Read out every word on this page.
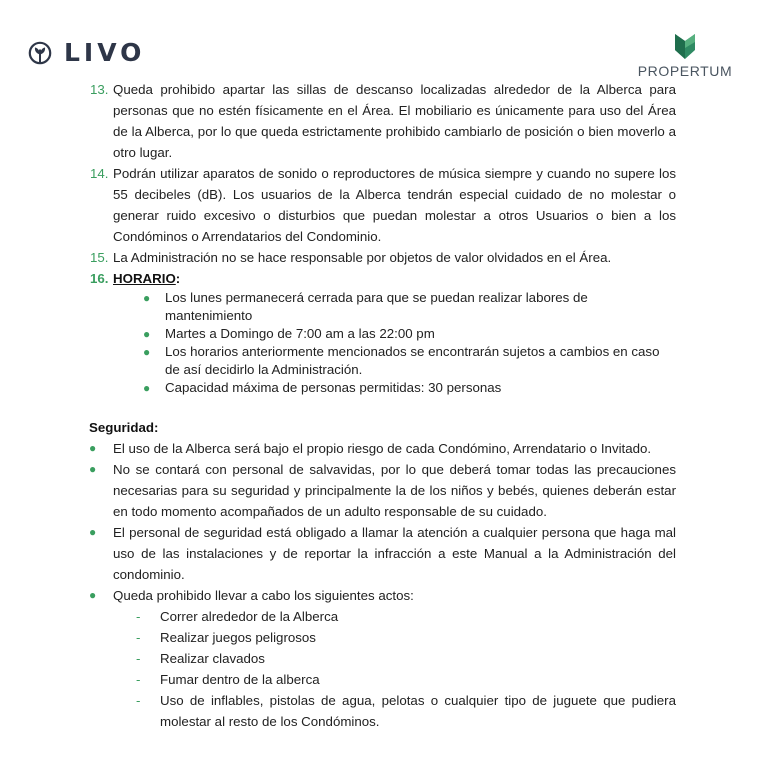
LIVO
PROPERTUM
13. Queda prohibido apartar las sillas de descanso localizadas alrededor de la Alberca para personas que no estén físicamente en el Área. El mobiliario es únicamente para uso del Área de la Alberca, por lo que queda estrictamente prohibido cambiarlo de posición o bien moverlo a otro lugar.
14. Podrán utilizar aparatos de sonido o reproductores de música siempre y cuando no supere los 55 decibeles (dB). Los usuarios de la Alberca tendrán especial cuidado de no molestar o generar ruido excesivo o disturbios que puedan molestar a otros Usuarios o bien a los Condóminos o Arrendatarios del Condominio.
15. La Administración no se hace responsable por objetos de valor olvidados en el Área.
16. HORARIO:
● Los lunes permanecerá cerrada para que se puedan realizar labores de mantenimiento
● Martes a Domingo de 7:00 am a las 22:00 pm
● Los horarios anteriormente mencionados se encontrarán sujetos a cambios en caso de así decidirlo la Administración.
● Capacidad máxima de personas permitidas: 30 personas
Seguridad:
● El uso de la Alberca será bajo el propio riesgo de cada Condómino, Arrendatario o Invitado.
● No se contará con personal de salvavidas, por lo que deberá tomar todas las precauciones necesarias para su seguridad y principalmente la de los niños y bebés, quienes deberán estar en todo momento acompañados de un adulto responsable de su cuidado.
● El personal de seguridad está obligado a llamar la atención a cualquier persona que haga mal uso de las instalaciones y de reportar la infracción a este Manual a la Administración del condominio.
● Queda prohibido llevar a cabo los siguientes actos:
- Correr alrededor de la Alberca
- Realizar juegos peligrosos
- Realizar clavados
- Fumar dentro de la alberca
- Uso de inflables, pistolas de agua, pelotas o cualquier tipo de juguete que pudiera molestar al resto de los Condóminos.
